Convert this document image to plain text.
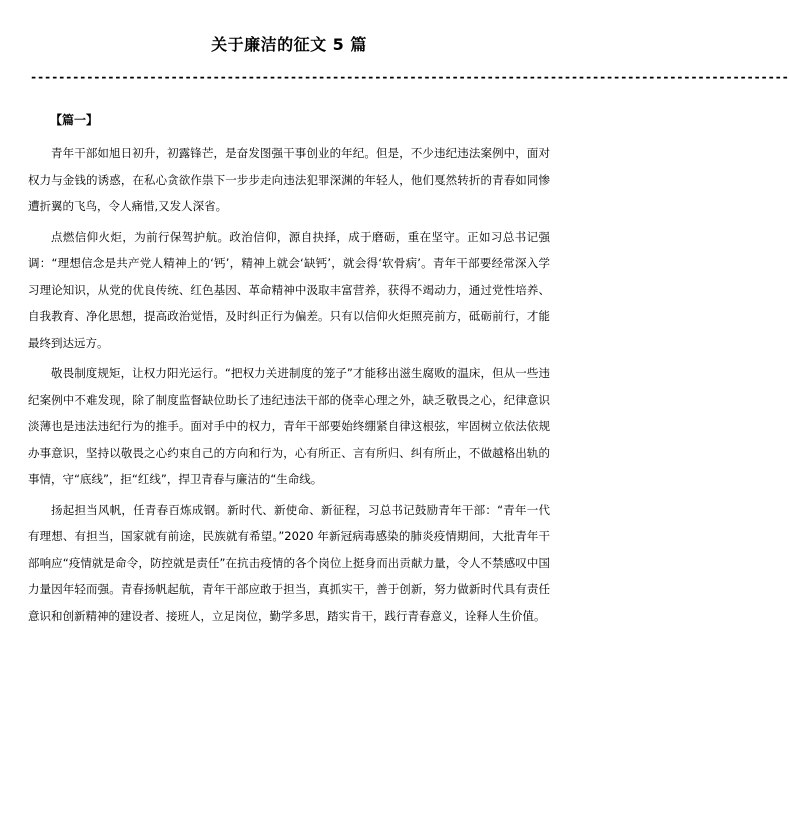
关于廉洁的征文 5 篇
------------------------------------------------------------------------------------------------------------
【篇一】

青年干部如旭日初升，初露锋芒，是奋发图强干事创业的年纪。但是，不少违纪违法案例中，面对权力与金钱的诱惑，在私心贪欲作祟下一步步走向违法犯罪深渊的年轻人，他们戛然转折的青春如同惨遭折翼的飞鸟，令人痛惜,又发人深省。

点燃信仰火炬，为前行保驾护航。政治信仰，源自抉择，成于磨砺，重在坚守。正如习总书记强调：“理想信念是共产党人精神上的‘钙’，精神上就会‘缺钙’，就会得‘软骨病’。青年干部要经常深入学习理论知识，从党的优良传统、红色基因、革命精神中汲取丰富营养，获得不竭动力，通过党性培养、自我教育、净化思想，提高政治觉悟，及时纠正行为偏差。只有以信仰火炬照亮前方，砥砺前行，才能最终到达远方。

敬畏制度规矩，让权力阳光运行。“把权力关进制度的笼子”才能移出滋生腐败的温床，但从一些违纪案例中不难发现，除了制度监督缺位助长了违纪违法干部的侥幸心理之外，缺乏敬畏之心，纪律意识淡薄也是违法违纪行为的推手。面对手中的权力，青年干部要始终绷紧自律这根弦，牢固树立依法依规办事意识，坚持以敬畏之心约束自己的方向和行为，心有所正、言有所归、纠有所止，不做越格出轨的事情，守“底线”，拒“红线”，捍卫青春与廉洁的“生命线。

扬起担当风帆，任青春百炼成钢。新时代、新使命、新征程，习总书记鼓励青年干部：“青年一代有理想、有担当，国家就有前途，民族就有希望。”2020 年新冠病毒感染的肺炎疫情期间，大批青年干部响应“疫情就是命令，防控就是责任”在抗击疫情的各个岗位上挺身而出贡献力量，令人不禁感叹中国力量因年轻而强。青春扬帆起航，青年干部应敢于担当，真抓实干，善于创新，努力做新时代具有责任意识和创新精神的建设者、接班人，立足岗位，勤学多思，踏实肯干，践行青春意义，诠释人生价值。
